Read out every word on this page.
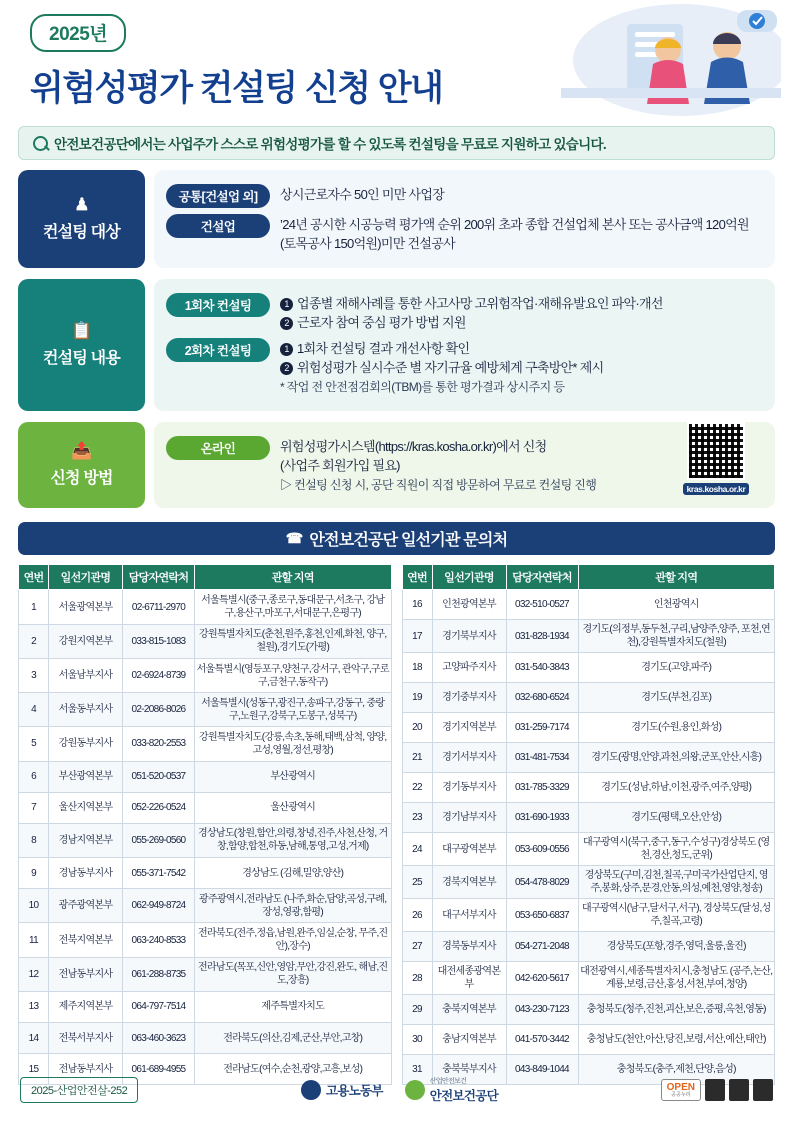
2025년
위험성평가 컨설팅 신청 안내
안전보건공단에서는 사업주가 스스로 위험성평가를 할 수 있도록 컨설팅을 무료로 지원하고 있습니다.
♟
컨설팅 대상
공통[건설업 외]	상시근로자수 50인 미만 사업장
건설업	’24년 공시한 시공능력 평가액 순위 200위 초과 종합 건설업체 본사 또는 공사금액 120억원(토목공사 150억원)미만 건설공사
📋
컨설팅 내용
1회차 컨설팅	1 업종별 재해사례를 통한 사고사망 고위험작업·재해유발요인 파악·개선
2 근로자 참여 중심 평가 방법 지원
2회차 컨설팅	1 1회차 컨설팅 결과 개선사항 확인
2 위험성평가 실시수준 별 자기규율 예방체계 구축방안* 제시
* 작업 전 안전점검회의(TBM)를 통한 평가결과 상시주지 등
📤
신청 방법
온라인	위험성평가시스템(https://kras.kosha.or.kr)에서 신청
(사업주 회원가입 필요)
▷ 컨설팅 신청 시, 공단 직원이 직접 방문하여 무료로 컨설팅 진행	kras.kosha.or.kr
☎ 안전보건공단 일선기관 문의처
연번	일선기관명	담당자연락처	관할 지역
1	서울광역본부	02-6711-2970	서울특별시(중구,종로구,동대문구,서초구, 강남구,용산구,마포구,서대문구,은평구)
2	강원지역본부	033-815-1083	강원특별자치도(춘천,원주,홍천,인제,화천, 양구,철원),경기도(가평)
3	서울남부지사	02-6924-8739	서울특별시(영등포구,양천구,강서구, 관악구,구로구,금천구,동작구)
4	서울동부지사	02-2086-8026	서울특별시(성동구,광진구,송파구,강동구, 중랑구,노원구,강북구,도봉구,성북구)
5	강원동부지사	033-820-2553	강원특별자치도(강릉,속초,동해,태백,삼척, 양양,고성,영월,정선,평창)
6	부산광역본부	051-520-0537	부산광역시
7	울산지역본부	052-226-0524	울산광역시
8	경남지역본부	055-269-0560	경상남도(창원,함안,의령,창녕,진주,사천,산청, 거창,함양,합천,하동,남해,통영,고성,거제)
9	경남동부지사	055-371-7542	경상남도 (김해,밀양,양산)
10	광주광역본부	062-949-8724	광주광역시,전라남도 (나주,화순,담양,곡성,구례,장성,영광,함평)
11	전북지역본부	063-240-8533	전라북도(전주,정읍,남원,완주,임실,순창, 무주,진안),장수)
12	전남동부지사	061-288-8735	전라남도(목포,신안,영암,무안,강진,완도, 해남,진도,장흥)
13	제주지역본부	064-797-7514	제주특별자치도
14	전북서부지사	063-460-3623	전라북도(의산,김제,군산,부안,고창)
15	전남동부지사	061-689-4955	전라남도(여수,순천,광양,고흥,보성)
연번	일선기관명	담당자연락처	관할 지역
16	인천광역본부	032-510-0527	인천광역시
17	경기북부지사	031-828-1934	경기도(의정부,동두천,구리,남양주,양주, 포천,연천),강원특별자치도(철원)
18	고양파주지사	031-540-3843	경기도(고양,파주)
19	경기중부지사	032-680-6524	경기도(부천,김포)
20	경기지역본부	031-259-7174	경기도(수원,용인,화성)
21	경기서부지사	031-481-7534	경기도(광명,안양,과천,의왕,군포,안산,시흥)
22	경기동부지사	031-785-3329	경기도(성남,하남,이천,광주,여주,양평)
23	경기남부지사	031-690-1933	경기도(평택,오산,안성)
24	대구광역본부	053-609-0556	대구광역시(북구,중구,동구,수성구)경상북도 (영천,경산,청도,군위)
25	경북지역본부	054-478-8029	경상북도(구미,김천,칠곡,구미국가산업단지, 영주,봉화,상주,문경,안동,의성,예천,영양,청송)
26	대구서부지사	053-650-6837	대구광역시(남구,달서구,서구), 경상북도(달성,성주,칠곡,고령)
27	경북동부지사	054-271-2048	경상북도(포항,경주,영덕,울릉,울진)
28	대전세종광역본부	042-620-5617	대전광역시,세종특별자치시,충청남도 (공주,논산,계룡,보령,금산,홍성,서천,부여,청양)
29	충북지역본부	043-230-7123	충청북도(청주,진천,괴산,보은,증평,옥천,영동)
30	충남지역본부	041-570-3442	충청남도(천안,아산,당진,보령,서산,예산,태안)
31	충북북부지사	043-849-1044	충청북도(충주,제천,단양,음성)
2025-산업안전살-252	고용노동부
산업안전보건
안전보건공단
OPEN
공공누리
